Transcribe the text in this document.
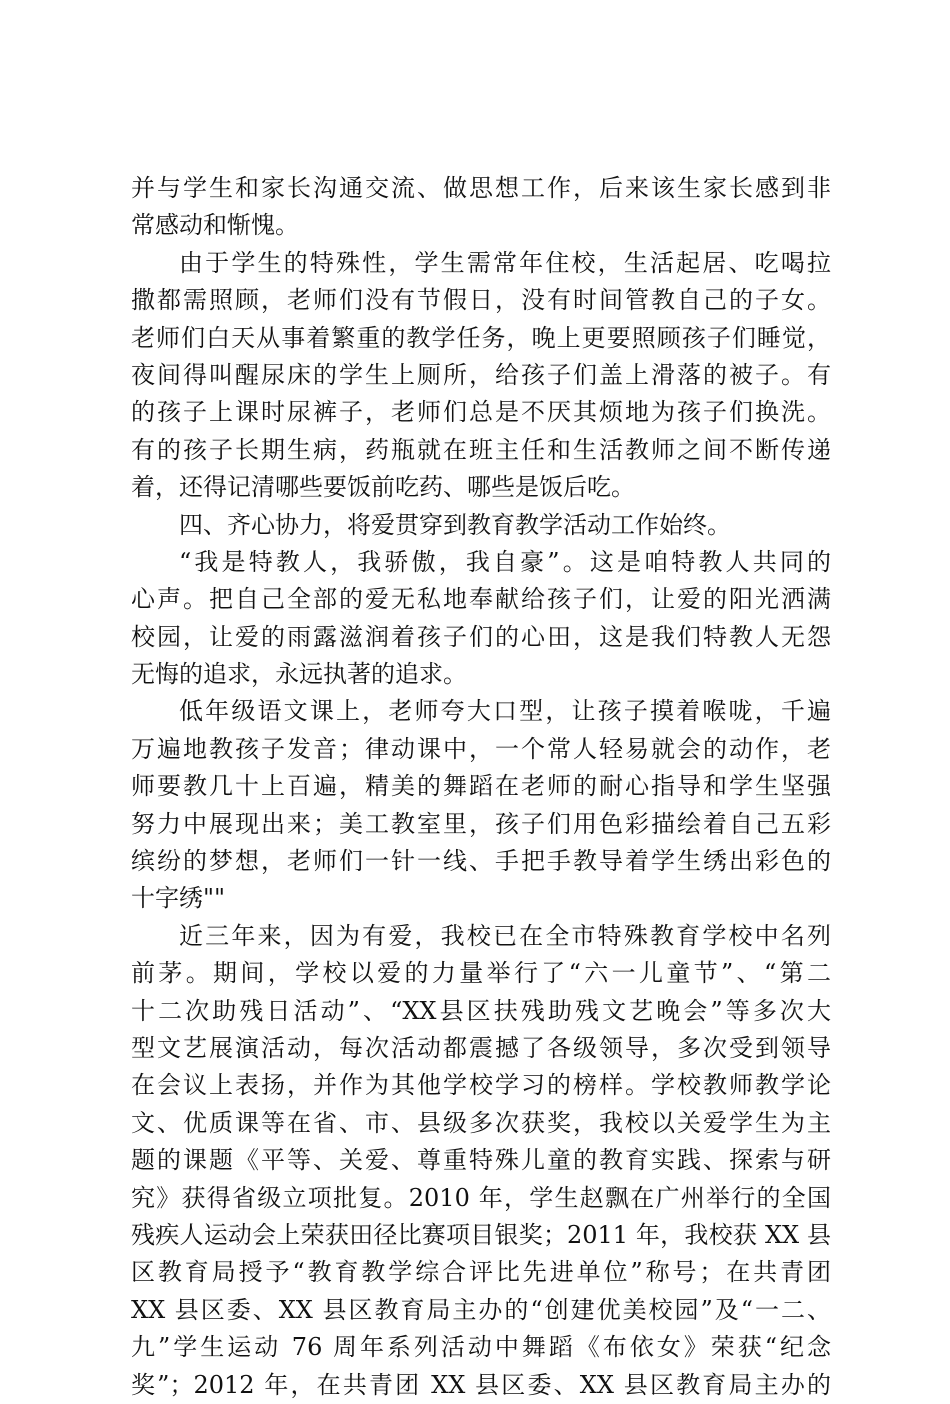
并与学生和家长沟通交流、做思想工作，后来该生家长感到非
常感动和惭愧。
由于学生的特殊性，学生需常年住校，生活起居、吃喝拉
撒都需照顾，老师们没有节假日，没有时间管教自己的子女。
老师们白天从事着繁重的教学任务，晚上更要照顾孩子们睡觉，
夜间得叫醒尿床的学生上厕所，给孩子们盖上滑落的被子。有
的孩子上课时尿裤子，老师们总是不厌其烦地为孩子们换洗。
有的孩子长期生病，药瓶就在班主任和生活教师之间不断传递
着，还得记清哪些要饭前吃药、哪些是饭后吃。
四、齐心协力，将爱贯穿到教育教学活动工作始终。
“我是特教人，我骄傲，我自豪”。这是咱特教人共同的
心声。把自己全部的爱无私地奉献给孩子们，让爱的阳光洒满
校园，让爱的雨露滋润着孩子们的心田，这是我们特教人无怨
无悔的追求，永远执著的追求。
低年级语文课上，老师夸大口型，让孩子摸着喉咙，千遍
万遍地教孩子发音；律动课中，一个常人轻易就会的动作，老
师要教几十上百遍，精美的舞蹈在老师的耐心指导和学生坚强
努力中展现出来；美工教室里，孩子们用色彩描绘着自己五彩
缤纷的梦想，老师们一针一线、手把手教导着学生绣出彩色的
十字绣""
近三年来，因为有爱，我校已在全市特殊教育学校中名列
前茅。期间，学校以爱的力量举行了“六一儿童节”、“第二
十二次助残日活动”、“XX县区扶残助残文艺晚会”等多次大
型文艺展演活动，每次活动都震撼了各级领导，多次受到领导
在会议上表扬，并作为其他学校学习的榜样。学校教师教学论
文、优质课等在省、市、县级多次获奖，我校以关爱学生为主
题的课题《平等、关爱、尊重特殊儿童的教育实践、探索与研
究》获得省级立项批复。2010 年，学生赵飘在广州举行的全国
残疾人运动会上荣获田径比赛项目银奖；2011 年，我校获 XX 县
区教育局授予“教育教学综合评比先进单位”称号；在共青团
XX 县区委、XX 县区教育局主办的“创建优美校园”及“一二、
九”学生运动 76 周年系列活动中舞蹈《布依女》荣获“纪念
奖”；2012 年，在共青团 XX 县区委、XX 县区教育局主办的
